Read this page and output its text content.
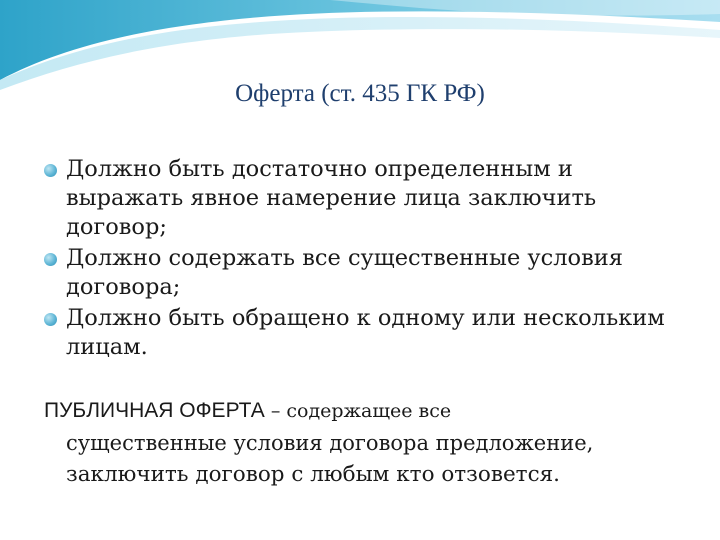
Оферта (ст. 435 ГК РФ)
Должно быть достаточно определенным и
выражать явное намерение лица заключить
договор;
Должно содержать все существенные условия
договора;
Должно быть обращено к одному или нескольким
лицам.
ПУБЛИЧНАЯ ОФЕРТА – содержащее все
существенные условия договора предложение,
заключить договор с любым кто отзовется.
